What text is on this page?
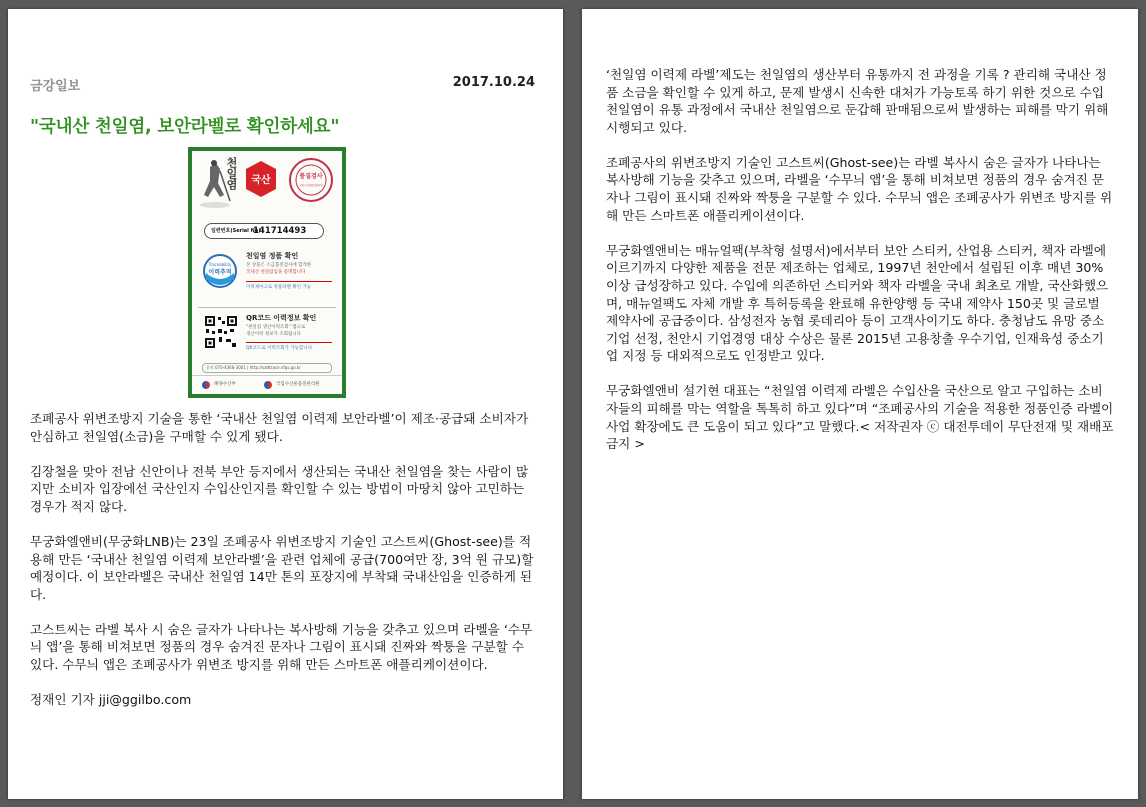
금강일보	2017.10.24
"국내산 천일염, 보안라벨로 확인하세요"
천일염 국산	품질검사
국립수산물품질관리원
일련번호(Serial No)
141714493
Traceability
이력추적
천일염 정품 확인
본 상품은 소금품질검사에 합격한
국내산 천일염임을 증명합니다
이력제마크로 정품라벨 확인 가능
QR코드 이력정보 확인
"천일염 생산이력조회" 앱으로
생산이력 정보가 조회됩니다
QR코드로 이력조회가 가능합니다
문의 070-4366-3001 | http://salttrace.nfqs.go.kr
해양수산부	국립수산물품질관리원

조폐공사 위변조방지 기술을 통한 ‘국내산 천일염 이력제 보안라벨’이 제조·공급돼 소비자가 안심하고 천일염(소금)을 구매할 수 있게 됐다.

김장철을 맞아 전남 신안이나 전북 부안 등지에서 생산되는 국내산 천일염을 찾는 사람이 많지만 소비자 입장에선 국산인지 수입산인지를 확인할 수 있는 방법이 마땅치 않아 고민하는 경우가 적지 않다.

무궁화엘앤비(무궁화LNB)는 23일 조폐공사 위변조방지 기술인 고스트씨(Ghost-see)를 적용해 만든 ‘국내산 천일염 이력제 보안라벨’을 관련 업체에 공급(700여만 장, 3억 원 규모)할 예정이다. 이 보안라벨은 국내산 천일염 14만 톤의 포장지에 부착돼 국내산임을 인증하게 된다.

고스트씨는 라벨 복사 시 숨은 글자가 나타나는 복사방해 기능을 갖추고 있으며 라벨을 ‘수무늬 앱’을 통해 비쳐보면 정품의 경우 숨겨진 문자나 그림이 표시돼 진짜와 짝퉁을 구분할 수 있다. 수무늬 앱은 조폐공사가 위변조 방지를 위해 만든 스마트폰 애플리케이션이다.

정재인 기자 jji@ggilbo.com

‘천일염 이력제 라벨’제도는 천일염의 생산부터 유통까지 전 과정을 기록 ? 관리해 국내산 정품 소금을 확인할 수 있게 하고, 문제 발생시 신속한 대처가 가능토록 하기 위한 것으로 수입 천일염이 유통 과정에서 국내산 천일염으로 둔갑해 판매됨으로써 발생하는 피해를 막기 위해 시행되고 있다.

조폐공사의 위변조방지 기술인 고스트씨(Ghost-see)는 라벨 복사시 숨은 글자가 나타나는 복사방해 기능을 갖추고 있으며, 라벨을 ‘수무늬 앱’을 통해 비쳐보면 정품의 경우 숨겨진 문자나 그림이 표시돼 진짜와 짝퉁을 구분할 수 있다. 수무늬 앱은 조폐공사가 위변조 방지를 위해 만든 스마트폰 애플리케이션이다.

무궁화엘앤비는 매뉴얼팩(부착형 설명서)에서부터 보안 스티커, 산업용 스티커, 책자 라벨에 이르기까지 다양한 제품을 전문 제조하는 업체로, 1997년 천안에서 설립된 이후 매년 30% 이상 급성장하고 있다. 수입에 의존하던 스티커와 책자 라벨을 국내 최초로 개발, 국산화했으며, 매뉴얼팩도 자체 개발 후 특허등록을 완료해 유한양행 등 국내 제약사 150곳 및 글로벌 제약사에 공급중이다. 삼성전자 농협 롯데리아 등이 고객사이기도 하다. 충청남도 유망 중소기업 선정, 천안시 기업경영 대상 수상은 물론 2015년 고용창출 우수기업, 인재육성 중소기업 지정 등 대외적으로도 인정받고 있다.

무궁화엘앤비 설기현 대표는 “천일염 이력제 라벨은 수입산을 국산으로 알고 구입하는 소비자들의 피해를 막는 역할을 톡톡히 하고 있다”며 “조폐공사의 기술을 적용한 정품인증 라벨이 사업 확장에도 큰 도움이 되고 있다”고 말했다.< 저작권자 ⓒ 대전투데이 무단전재 및 재배포금지 >
